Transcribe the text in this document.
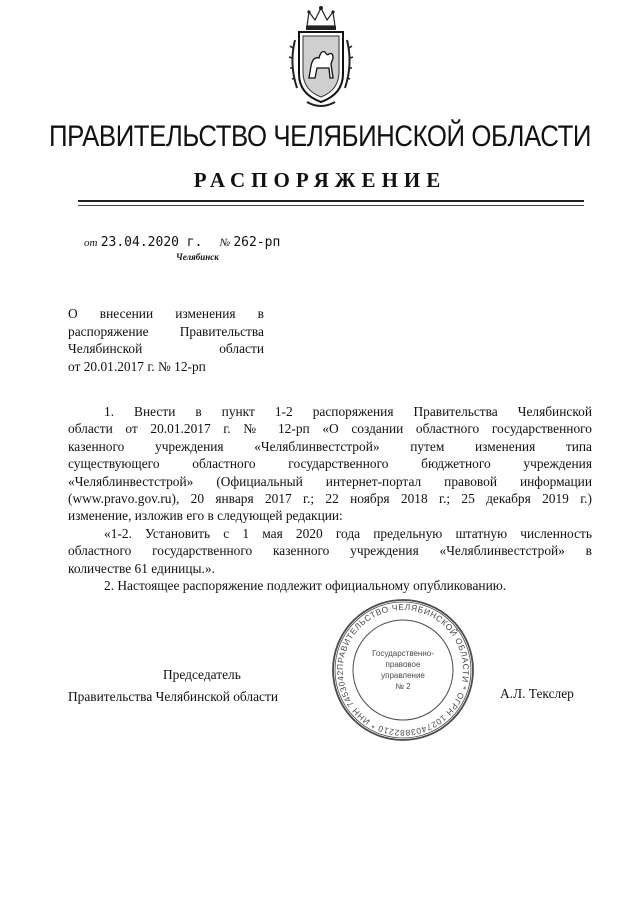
ПРАВИТЕЛЬСТВО ЧЕЛЯБИНСКОЙ ОБЛАСТИ
РАСПОРЯЖЕНИЕ
от 23.04.2020 г. № 262-рп
Челябинск
О внесении изменения в
распоряжение Правительства
Челябинской области
от 20.01.2017 г. № 12-рп
1. Внести в пункт 1-2 распоряжения Правительства Челябинской
области от 20.01.2017 г. № 12-рп «О создании областного государственного
казенного учреждения «Челяблинвестстрой» путем изменения типа
существующего областного государственного бюджетного учреждения
«Челяблинвестстрой» (Официальный интернет-портал правовой информации
(www.pravo.gov.ru), 20 января 2017 г.; 22 ноября 2018 г.; 25 декабря 2019 г.)
изменение, изложив его в следующей редакции:
«1-2. Установить с 1 мая 2020 года предельную штатную численность
областного государственного казенного учреждения «Челяблинвестстрой» в
количестве 61 единицы.».
2. Настоящее распоряжение подлежит официальному опубликованию.
ПРАВИТЕЛЬСТВО ЧЕЛЯБИНСКОЙ ОБЛАСТИ * ОГРН 1027403882210 * ИНН 7453042
Государственно-
правовое
управление
№ 2
Председатель
Правительства Челябинской области	А.Л. Текслер
